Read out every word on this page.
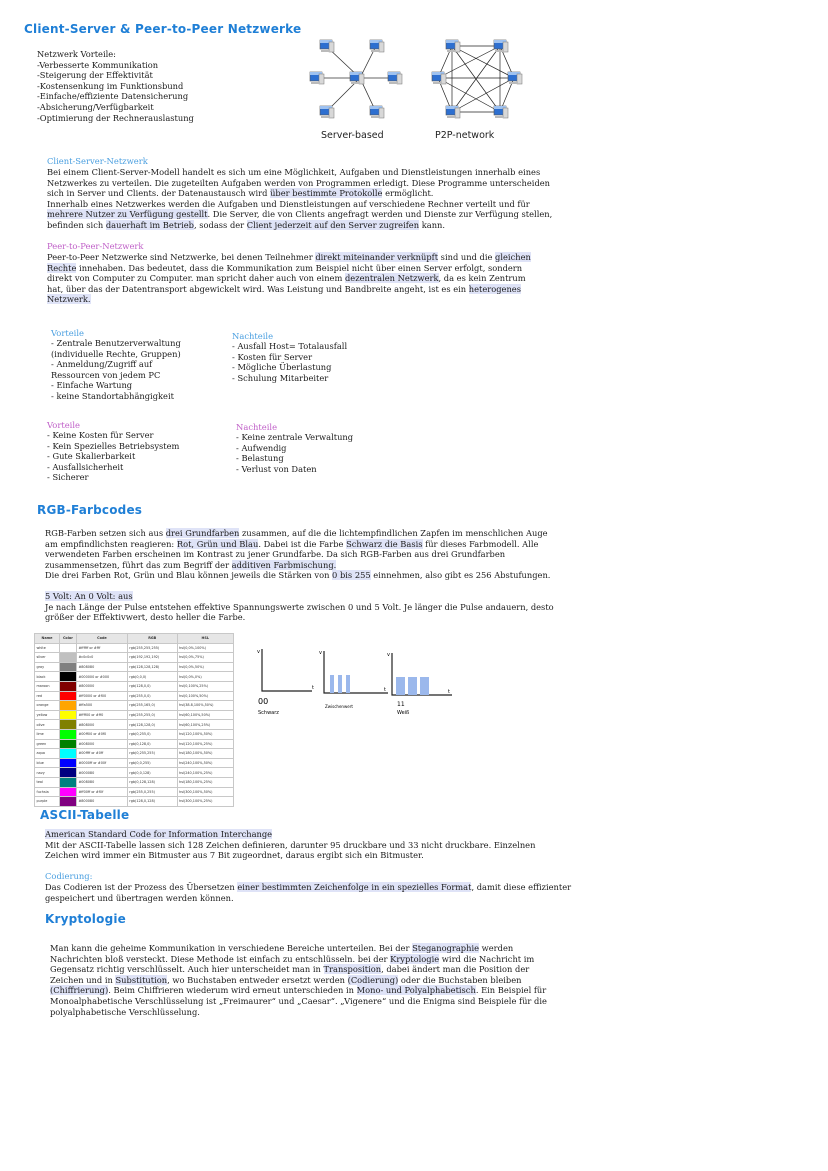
Client-Server & Peer-to-Peer Netzwerke
Netzwerk Vorteile:
-Verbesserte Kommunikation
-Steigerung der Effektivität
-Kostensenkung im Funktionsbund
-Einfache/effiziente Datensicherung
-Absicherung/Verfügbarkeit
-Optimierung der Rechnerauslastung
Server-based	P2P-network
Client-Server-Netzwerk
Bei einem Client-Server-Modell handelt es sich um eine Möglichkeit, Aufgaben und Dienstleistungen innerhalb eines
Netzwerkes zu verteilen. Die zugeteilten Aufgaben werden von Programmen erledigt. Diese Programme unterscheiden
sich in Server und Clients. der Datenaustausch wird über bestimmte Protokolle ermöglicht.
Innerhalb eines Netzwerkes werden die Aufgaben und Dienstleistungen auf verschiedene Rechner verteilt und für
mehrere Nutzer zu Verfügung gestellt. Die Server, die von Clients angefragt werden und Dienste zur Verfügung stellen,
befinden sich dauerhaft im Betrieb, sodass der Client jederzeit auf den Server zugreifen kann.
Peer-to-Peer-Netzwerk
Peer-to-Peer Netzwerke sind Netzwerke, bei denen Teilnehmer direkt miteinander verknüpft sind und die gleichen
Rechte innehaben. Das bedeutet, dass die Kommunikation zum Beispiel nicht über einen Server erfolgt, sondern
direkt von Computer zu Computer. man spricht daher auch von einem dezentralen Netzwerk, da es kein Zentrum
hat, über das der Datentransport abgewickelt wird. Was Leistung und Bandbreite angeht, ist es ein heterogenes
Netzwerk.
Vorteile
- Zentrale Benutzerverwaltung
(individuelle Rechte, Gruppen)
- Anmeldung/Zugriff auf
Ressourcen von jedem PC
- Einfache Wartung
- keine Standortabhängigkeit
Nachteile
- Ausfall Host= Totalausfall
- Kosten für Server
- Mögliche Überlastung
- Schulung Mitarbeiter
Vorteile
- Keine Kosten für Server
- Kein Spezielles Betriebsystem
- Gute Skalierbarkeit
- Ausfallsicherheit
- Sicherer
Nachteile
- Keine zentrale Verwaltung
- Aufwendig
- Belastung
- Verlust von Daten
RGB-Farbcodes
RGB-Farben setzen sich aus drei Grundfarben zusammen, auf die die lichtempfindlichen Zapfen im menschlichen Auge
am empfindlichsten reagieren: Rot, Grün und Blau. Dabei ist die Farbe Schwarz die Basis für dieses Farbmodell. Alle
verwendeten Farben erscheinen im Kontrast zu jener Grundfarbe. Da sich RGB-Farben aus drei Grundfarben
zusammensetzen, führt das zum Begriff der additiven Farbmischung.
Die drei Farben Rot, Grün und Blau können jeweils die Stärken von 0 bis 255 einnehmen, also gibt es 256 Abstufungen.
5 Volt: An 0 Volt: aus
Je nach Länge der Pulse entstehen effektive Spannungswerte zwischen 0 und 5 Volt. Je länger die Pulse andauern, desto
größer der Effektivwert, desto heller die Farbe.
Name	Color	Code	RGB	HSL
white		#ffffff or #fff	rgb(255,255,255)	hsl(0,0%,100%)
silver		#c0c0c0	rgb(192,192,192)	hsl(0,0%,75%)
gray		#808080	rgb(128,128,128)	hsl(0,0%,50%)
black		#000000 or #000	rgb(0,0,0)	hsl(0,0%,0%)
maroon		#800000	rgb(128,0,0)	hsl(0,100%,25%)
red		#ff0000 or #f00	rgb(255,0,0)	hsl(0,100%,50%)
orange		#ffa500	rgb(255,165,0)	hsl(38.8,100%,50%)
yellow		#ffff00 or #ff0	rgb(255,255,0)	hsl(60,100%,50%)
olive		#808000	rgb(128,128,0)	hsl(60,100%,25%)
lime		#00ff00 or #0f0	rgb(0,255,0)	hsl(120,100%,50%)
green		#008000	rgb(0,128,0)	hsl(120,100%,25%)
aqua		#00ffff or #0ff	rgb(0,255,255)	hsl(180,100%,50%)
blue		#0000ff or #00f	rgb(0,0,255)	hsl(240,100%,50%)
navy		#000080	rgb(0,0,128)	hsl(240,100%,25%)
teal		#008080	rgb(0,128,128)	hsl(180,100%,25%)
fuchsia		#ff00ff or #f0f	rgb(255,0,255)	hsl(300,100%,50%)
purple		#800080	rgb(128,0,128)	hsl(300,100%,25%)
v
t
v
t
v
t
00
Schwarz
Zwischenwert	11
Weiß
ASCII-Tabelle
American Standard Code for Information Interchange
Mit der ASCII-Tabelle lassen sich 128 Zeichen definieren, darunter 95 druckbare und 33 nicht druckbare. Einzelnen
Zeichen wird immer ein Bitmuster aus 7 Bit zugeordnet, daraus ergibt sich ein Bitmuster.
Codierung:
Das Codieren ist der Prozess des Übersetzen einer bestimmten Zeichenfolge in ein spezielles Format, damit diese effizienter
gespeichert und übertragen werden können.
Kryptologie
Man kann die geheime Kommunikation in verschiedene Bereiche unterteilen. Bei der Steganographie werden
Nachrichten bloß versteckt. Diese Methode ist einfach zu entschlüsseln. bei der Kryptologie wird die Nachricht im
Gegensatz richtig verschlüsselt. Auch hier unterscheidet man in Transposition, dabei ändert man die Position der
Zeichen und in Substitution, wo Buchstaben entweder ersetzt werden (Codierung) oder die Buchstaben bleiben
(Chiffrierung). Beim Chiffrieren wiederum wird erneut unterschieden in Mono- und Polyalphabetisch. Ein Beispiel für
Monoalphabetische Verschlüsselung ist „Freimaurer“ und „Caesar“. „Vigenere“ und die Enigma sind Beispiele für die
polyalphabetische Verschlüsselung.
